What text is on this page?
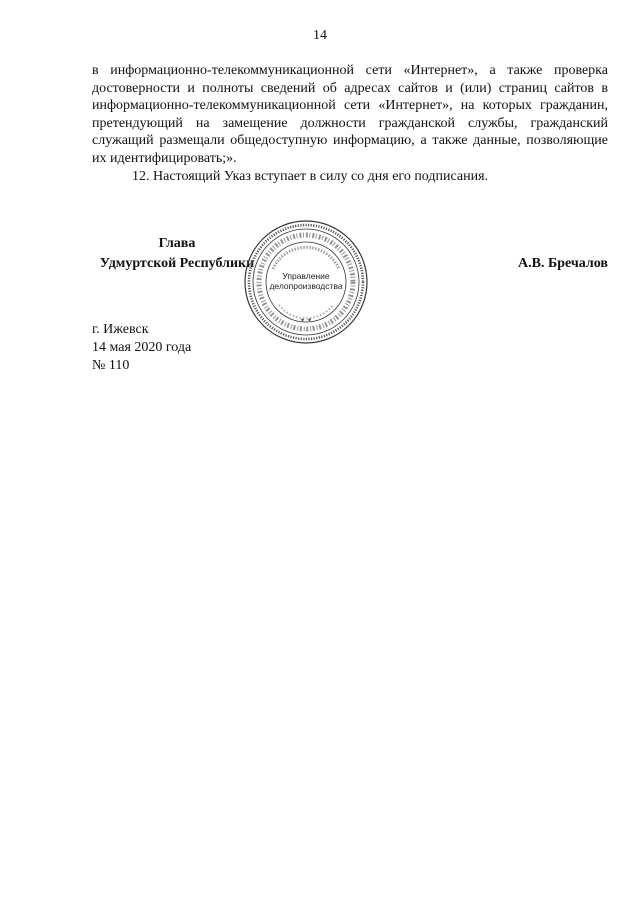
14

в информационно-телекоммуникационной сети «Интернет», а также проверка достоверности и полноты сведений об адресах сайтов и (или) страниц сайтов в информационно-телекоммуникационной сети «Интернет», на которых гражданин, претендующий на замещение должности гражданской службы, гражданский служащий размещали общедоступную информацию, а также данные, позволяющие их идентифицировать;».

12. Настоящий Указ вступает в силу со дня его подписания.

Глава
Удмуртской Республики	А.В. Бречалов
Управление
делопроизводства
✦ ✦
г. Ижевск
14 мая 2020 года
№ 110
